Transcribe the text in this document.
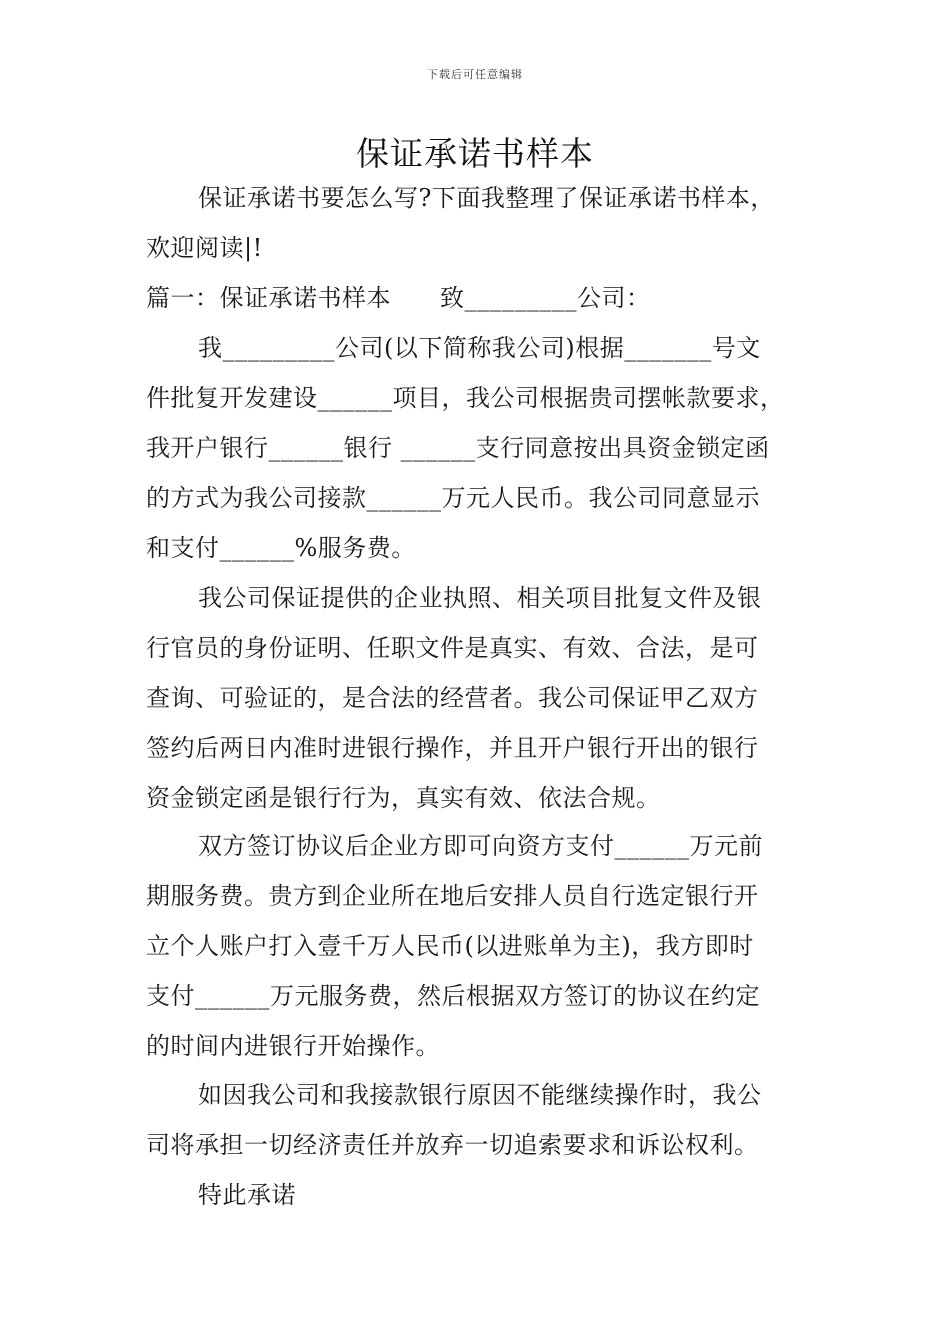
下载后可任意编辑
保证承诺书样本
保证承诺书要怎么写?下面我整理了保证承诺书样本，
欢迎阅读|!
篇一：保证承诺书样本　　致_________公司：
我_________公司(以下简称我公司)根据_______号文
件批复开发建设______项目，我公司根据贵司摆帐款要求，
我开户银行______银行 ______支行同意按出具资金锁定函
的方式为我公司接款______万元人民币。我公司同意显示
和支付______%服务费。
我公司保证提供的企业执照、相关项目批复文件及银
行官员的身份证明、任职文件是真实、有效、合法，是可
查询、可验证的，是合法的经营者。我公司保证甲乙双方
签约后两日内准时进银行操作，并且开户银行开出的银行
资金锁定函是银行行为，真实有效、依法合规。
双方签订协议后企业方即可向资方支付______万元前
期服务费。贵方到企业所在地后安排人员自行选定银行开
立个人账户打入壹千万人民币(以进账单为主)，我方即时
支付______万元服务费，然后根据双方签订的协议在约定
的时间内进银行开始操作。
如因我公司和我接款银行原因不能继续操作时，我公
司将承担一切经济责任并放弃一切追索要求和诉讼权利。
特此承诺
